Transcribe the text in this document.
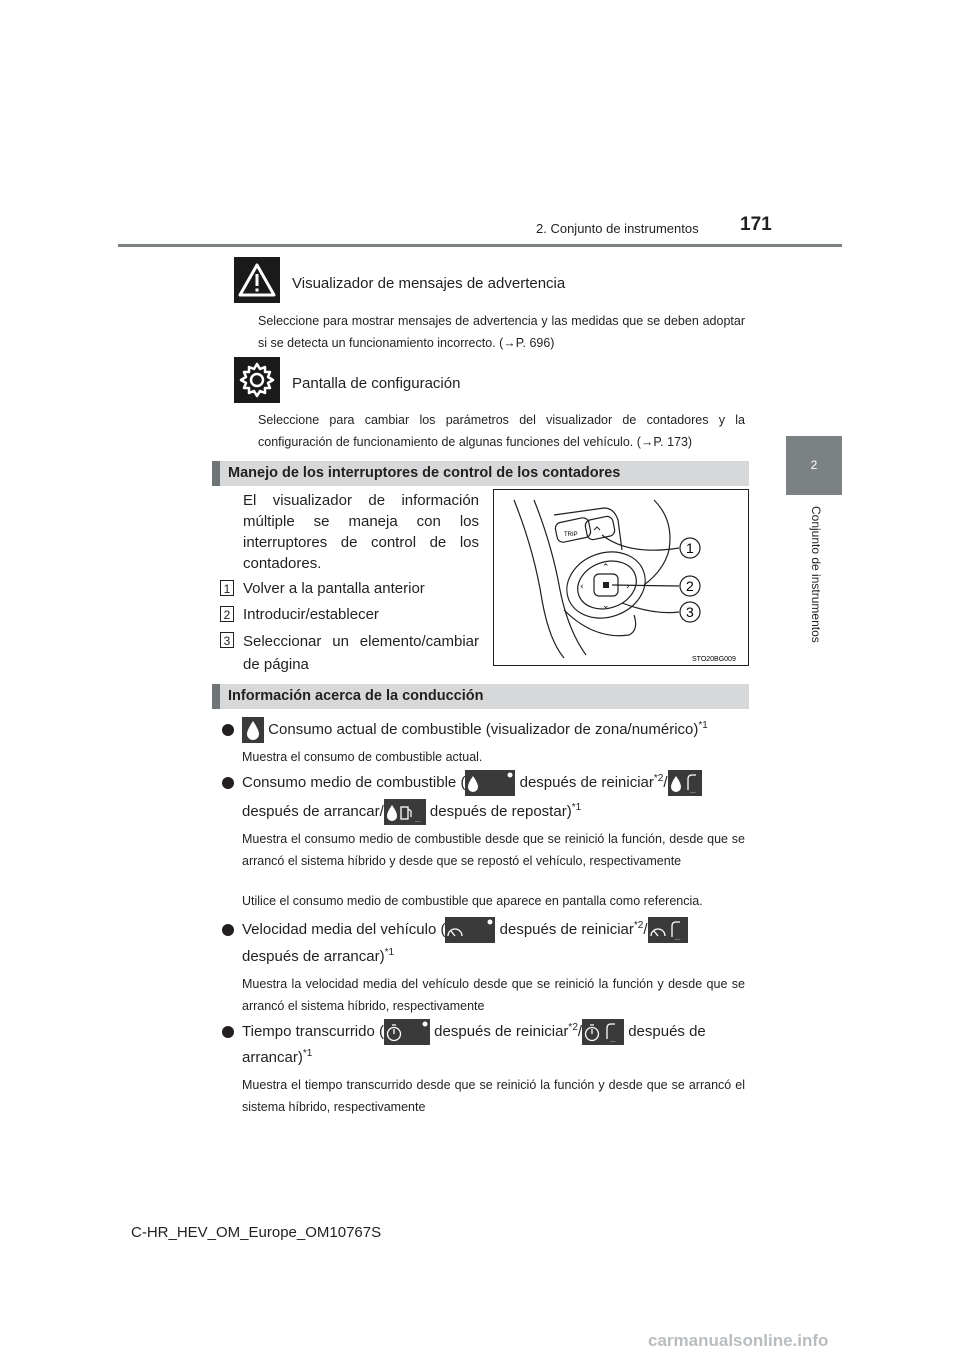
2. Conjunto de instrumentos 171
2
Conjunto de instrumentos
Visualizador de mensajes de advertencia
Seleccione para mostrar mensajes de advertencia y las medidas que se deben adoptar si se detecta un funcionamiento incorrecto. (→P. 696)
Pantalla de configuración
Seleccione para cambiar los parámetros del visualizador de contadores y la configuración de funcionamiento de algunas funciones del vehículo. (→P. 173)
Manejo de los interruptores de control de los contadores
El visualizador de información múltiple se maneja con los interruptores de control de los contadores.
1 Volver a la pantalla anterior
2 Introducir/establecer
3 Seleccionar un elemento/cambiar de página
TRIP
⌃
⌄
‹	›
1
2
3
STO20BG009
Información acerca de la conducción
Consumo actual de combustible (visualizador de zona/numérico)$^{*1}$
Muestra el consumo de combustible actual.
Consumo medio de combustible (	después de reiniciar$^{*2}$/
...
después de arrancar/
...
después de repostar)$^{*1}$
Muestra el consumo medio de combustible desde que se reinició la función, desde que se arrancó el sistema híbrido y desde que se repostó el vehículo, respectivamente
Utilice el consumo medio de combustible que aparece en pantalla como referencia.
Velocidad media del vehículo (	después de reiniciar$^{*2}$/
...
después de arrancar)$^{*1}$
Muestra la velocidad media del vehículo desde que se reinició la función y desde que se arrancó el sistema híbrido, respectivamente
Tiempo transcurrido (	después de reiniciar$^{*2}$/
...
después de
arrancar)$^{*1}$
Muestra el tiempo transcurrido desde que se reinició la función y desde que se arrancó el sistema híbrido, respectivamente
C-HR_HEV_OM_Europe_OM10767S
carmanualsonline.info
